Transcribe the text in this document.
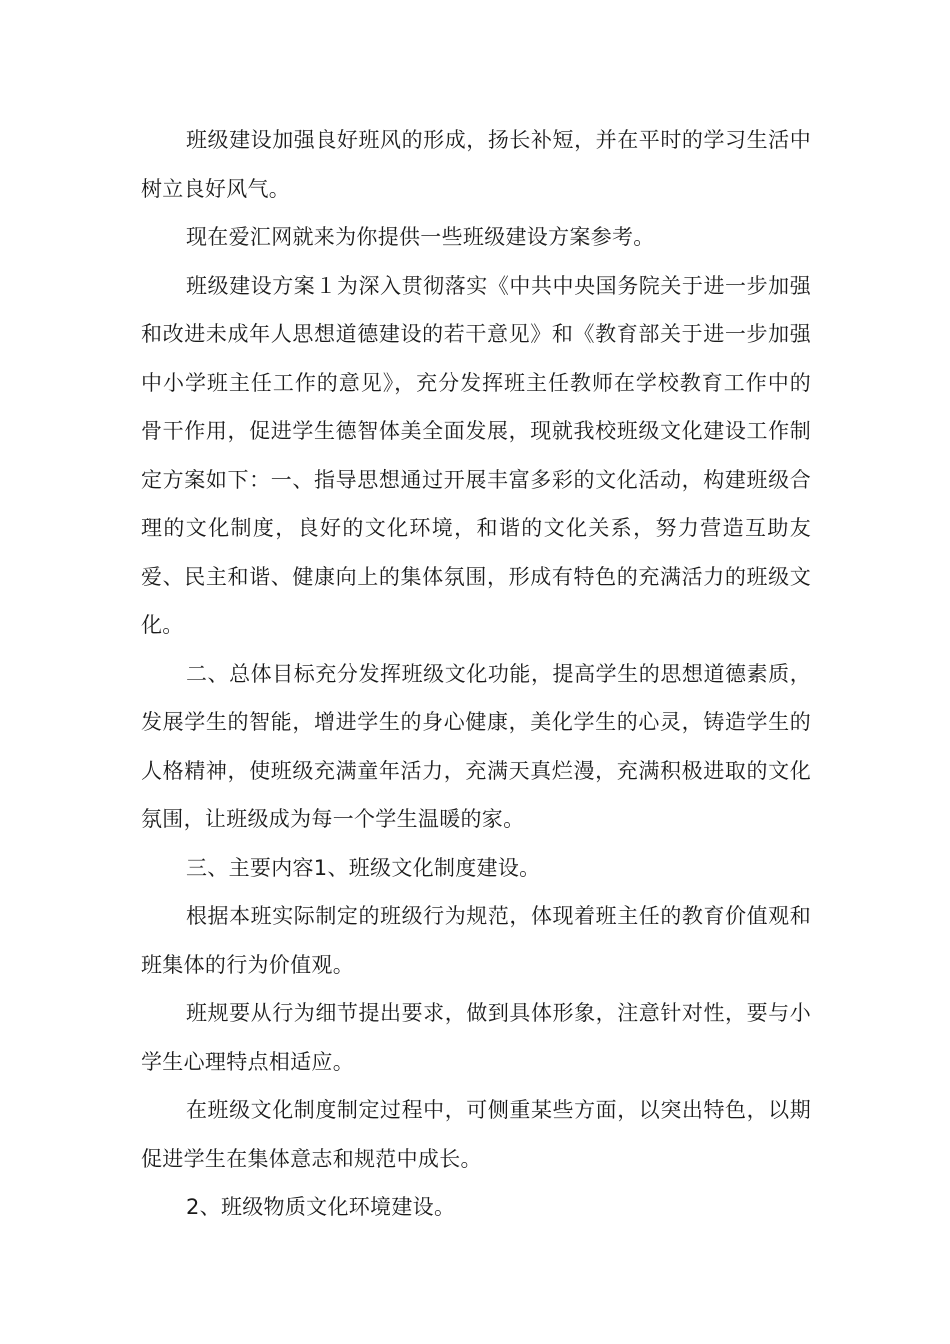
班级建设加强良好班风的形成，扬长补短，并在平时的学习生活中树立良好风气。

现在爱汇网就来为你提供一些班级建设方案参考。

班级建设方案１为深入贯彻落实《中共中央国务院关于进一步加强和改进未成年人思想道德建设的若干意见》和《教育部关于进一步加强中小学班主任工作的意见》，充分发挥班主任教师在学校教育工作中的骨干作用，促进学生德智体美全面发展，现就我校班级文化建设工作制定方案如下：一、指导思想通过开展丰富多彩的文化活动，构建班级合理的文化制度，良好的文化环境，和谐的文化关系，努力营造互助友爱、民主和谐、健康向上的集体氛围，形成有特色的充满活力的班级文化。

二、总体目标充分发挥班级文化功能，提高学生的思想道德素质，发展学生的智能，增进学生的身心健康，美化学生的心灵，铸造学生的人格精神，使班级充满童年活力，充满天真烂漫，充满积极进取的文化氛围，让班级成为每一个学生温暖的家。

三、主要内容1、班级文化制度建设。

根据本班实际制定的班级行为规范，体现着班主任的教育价值观和班集体的行为价值观。

班规要从行为细节提出要求，做到具体形象，注意针对性，要与小学生心理特点相适应。

在班级文化制度制定过程中，可侧重某些方面，以突出特色，以期促进学生在集体意志和规范中成长。

2、班级物质文化环境建设。
